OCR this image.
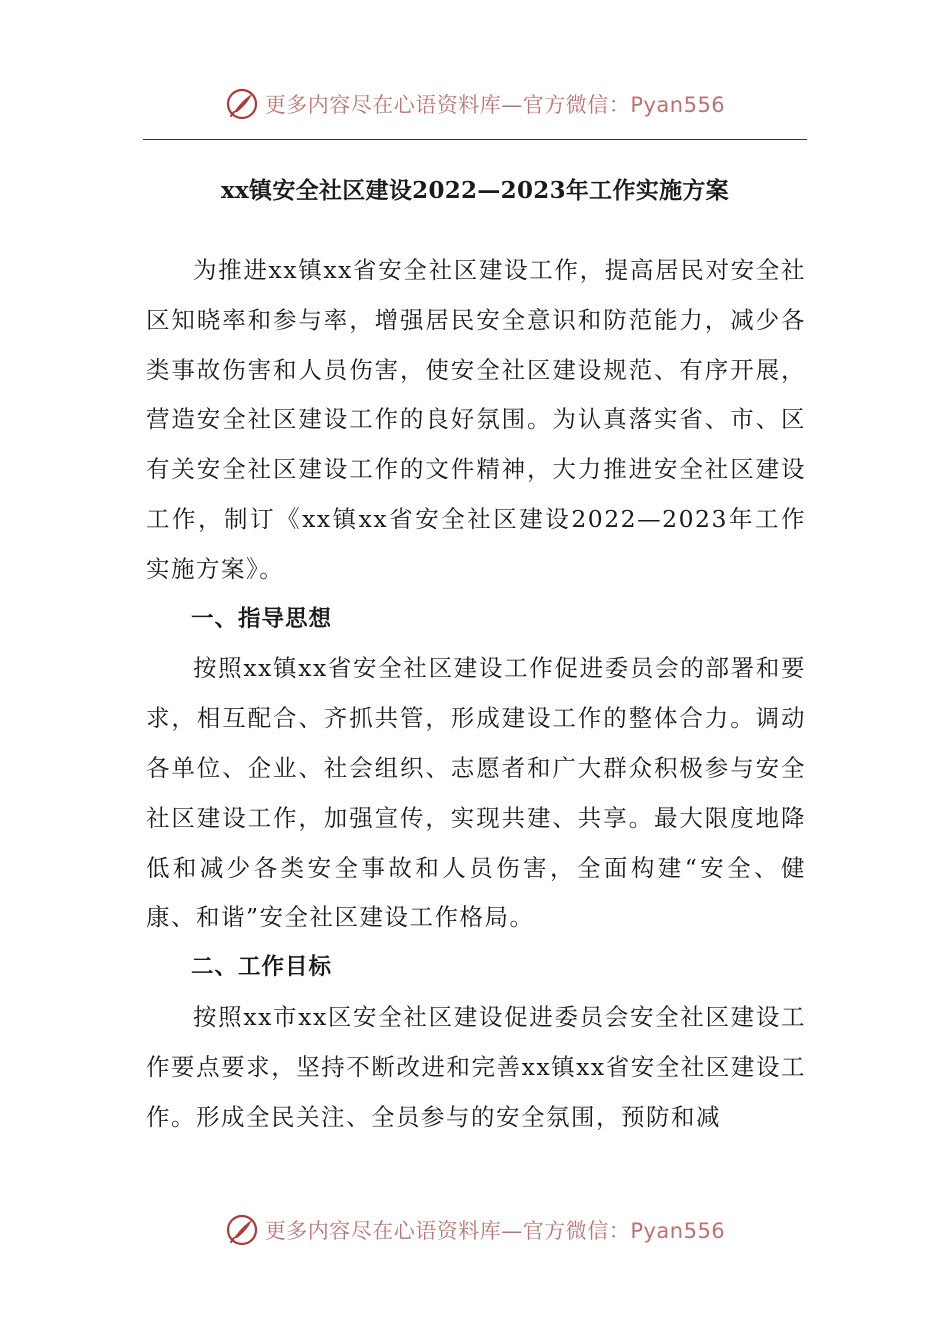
更多内容尽在心语资料库—官方微信：Pyan556
xx镇安全社区建设2022—2023年工作实施方案

为推进xx镇xx省安全社区建设工作，提高居民对安全社区知晓率和参与率，增强居民安全意识和防范能力，减少各类事故伤害和人员伤害，使安全社区建设规范、有序开展，营造安全社区建设工作的良好氛围。为认真落实省、市、区有关安全社区建设工作的文件精神，大力推进安全社区建设工作，制订《xx镇xx省安全社区建设2022—2023年工作实施方案》。

一、指导思想

按照xx镇xx省安全社区建设工作促进委员会的部署和要求，相互配合、齐抓共管，形成建设工作的整体合力。调动各单位、企业、社会组织、志愿者和广大群众积极参与安全社区建设工作，加强宣传，实现共建、共享。最大限度地降低和减少各类安全事故和人员伤害，全面构建“安全、健康、和谐”安全社区建设工作格局。

二、工作目标

按照xx市xx区安全社区建设促进委员会安全社区建设工作要点要求，坚持不断改进和完善xx镇xx省安全社区建设工作。形成全民关注、全员参与的安全氛围，预防和减

更多内容尽在心语资料库—官方微信：Pyan556
